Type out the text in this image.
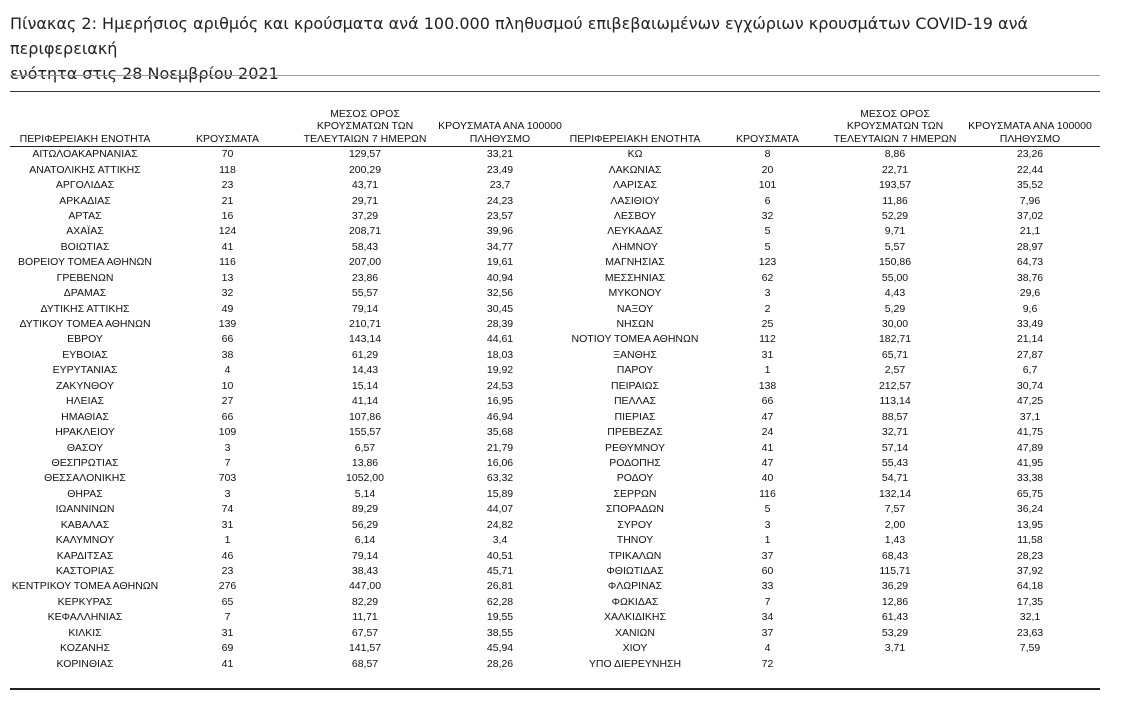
Πίνακας 2: Ημερήσιος αριθμός και κρούσματα ανά 100.000 πληθυσμού επιβεβαιωμένων εγχώριων κρουσμάτων COVID-19 ανά περιφερειακή
ενότητα στις 28 Νοεμβρίου 2021
ΠΕΡΙΦΕΡΕΙΑΚΗ ΕΝΟΤΗΤΑ	ΚΡΟΥΣΜΑΤΑ	ΜΕΣΟΣ ΟΡΟΣ ΚΡΟΥΣΜΑΤΩΝ ΤΩΝ ΤΕΛΕΥΤΑΙΩΝ 7 ΗΜΕΡΩΝ	ΚΡΟΥΣΜΑΤΑ ΑΝΑ 100000 ΠΛΗΘΥΣΜΟ	ΠΕΡΙΦΕΡΕΙΑΚΗ ΕΝΟΤΗΤΑ	ΚΡΟΥΣΜΑΤΑ	ΜΕΣΟΣ ΟΡΟΣ ΚΡΟΥΣΜΑΤΩΝ ΤΩΝ ΤΕΛΕΥΤΑΙΩΝ 7 ΗΜΕΡΩΝ	ΚΡΟΥΣΜΑΤΑ ΑΝΑ 100000 ΠΛΗΘΥΣΜΟ
ΑΙΤΩΛΟΑΚΑΡΝΑΝΙΑΣ	70	129,57	33,21	ΚΩ	8	8,86	23,26
ΑΝΑΤΟΛΙΚΗΣ ΑΤΤΙΚΗΣ	118	200,29	23,49	ΛΑΚΩΝΙΑΣ	20	22,71	22,44
ΑΡΓΟΛΙΔΑΣ	23	43,71	23,7	ΛΑΡΙΣΑΣ	101	193,57	35,52
ΑΡΚΑΔΙΑΣ	21	29,71	24,23	ΛΑΣΙΘΙΟΥ	6	11,86	7,96
ΑΡΤΑΣ	16	37,29	23,57	ΛΕΣΒΟΥ	32	52,29	37,02
ΑΧΑΪΑΣ	124	208,71	39,96	ΛΕΥΚΑΔΑΣ	5	9,71	21,1
ΒΟΙΩΤΙΑΣ	41	58,43	34,77	ΛΗΜΝΟΥ	5	5,57	28,97
ΒΟΡΕΙΟΥ ΤΟΜΕΑ ΑΘΗΝΩΝ	116	207,00	19,61	ΜΑΓΝΗΣΙΑΣ	123	150,86	64,73
ΓΡΕΒΕΝΩΝ	13	23,86	40,94	ΜΕΣΣΗΝΙΑΣ	62	55,00	38,76
ΔΡΑΜΑΣ	32	55,57	32,56	ΜΥΚΟΝΟΥ	3	4,43	29,6
ΔΥΤΙΚΗΣ ΑΤΤΙΚΗΣ	49	79,14	30,45	ΝΑΞΟΥ	2	5,29	9,6
ΔΥΤΙΚΟΥ ΤΟΜΕΑ ΑΘΗΝΩΝ	139	210,71	28,39	ΝΗΣΩΝ	25	30,00	33,49
ΕΒΡΟΥ	66	143,14	44,61	ΝΟΤΙΟΥ ΤΟΜΕΑ ΑΘΗΝΩΝ	112	182,71	21,14
ΕΥΒΟΙΑΣ	38	61,29	18,03	ΞΑΝΘΗΣ	31	65,71	27,87
ΕΥΡΥΤΑΝΙΑΣ	4	14,43	19,92	ΠΑΡΟΥ	1	2,57	6,7
ΖΑΚΥΝΘΟΥ	10	15,14	24,53	ΠΕΙΡΑΙΩΣ	138	212,57	30,74
ΗΛΕΙΑΣ	27	41,14	16,95	ΠΕΛΛΑΣ	66	113,14	47,25
ΗΜΑΘΙΑΣ	66	107,86	46,94	ΠΙΕΡΙΑΣ	47	88,57	37,1
ΗΡΑΚΛΕΙΟΥ	109	155,57	35,68	ΠΡΕΒΕΖΑΣ	24	32,71	41,75
ΘΑΣΟΥ	3	6,57	21,79	ΡΕΘΥΜΝΟΥ	41	57,14	47,89
ΘΕΣΠΡΩΤΙΑΣ	7	13,86	16,06	ΡΟΔΟΠΗΣ	47	55,43	41,95
ΘΕΣΣΑΛΟΝΙΚΗΣ	703	1052,00	63,32	ΡΟΔΟΥ	40	54,71	33,38
ΘΗΡΑΣ	3	5,14	15,89	ΣΕΡΡΩΝ	116	132,14	65,75
ΙΩΑΝΝΙΝΩΝ	74	89,29	44,07	ΣΠΟΡΑΔΩΝ	5	7,57	36,24
ΚΑΒΑΛΑΣ	31	56,29	24,82	ΣΥΡΟΥ	3	2,00	13,95
ΚΑΛΥΜΝΟΥ	1	6,14	3,4	ΤΗΝΟΥ	1	1,43	11,58
ΚΑΡΔΙΤΣΑΣ	46	79,14	40,51	ΤΡΙΚΑΛΩΝ	37	68,43	28,23
ΚΑΣΤΟΡΙΑΣ	23	38,43	45,71	ΦΘΙΩΤΙΔΑΣ	60	115,71	37,92
ΚΕΝΤΡΙΚΟΥ ΤΟΜΕΑ ΑΘΗΝΩΝ	276	447,00	26,81	ΦΛΩΡΙΝΑΣ	33	36,29	64,18
ΚΕΡΚΥΡΑΣ	65	82,29	62,28	ΦΩΚΙΔΑΣ	7	12,86	17,35
ΚΕΦΑΛΛΗΝΙΑΣ	7	11,71	19,55	ΧΑΛΚΙΔΙΚΗΣ	34	61,43	32,1
ΚΙΛΚΙΣ	31	67,57	38,55	ΧΑΝΙΩΝ	37	53,29	23,63
ΚΟΖΑΝΗΣ	69	141,57	45,94	ΧΙΟΥ	4	3,71	7,59
ΚΟΡΙΝΘΙΑΣ	41	68,57	28,26	ΥΠΟ ΔΙΕΡΕΥΝΗΣΗ	72		
